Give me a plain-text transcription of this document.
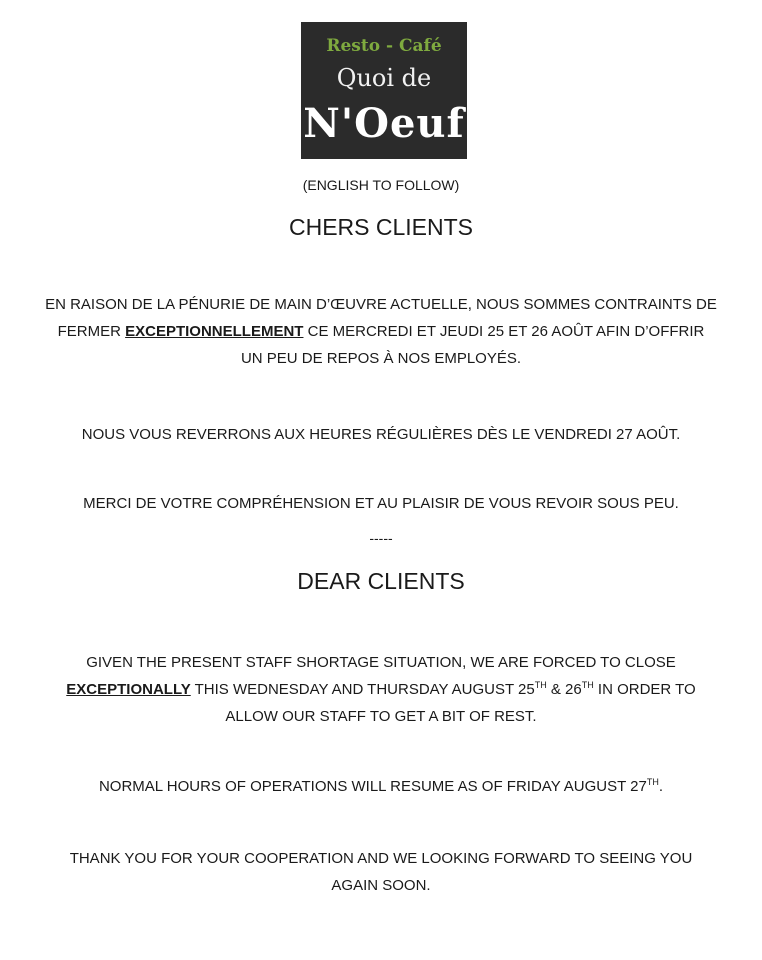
Resto - Café
Quoi de
N'Oeuf
(ENGLISH TO FOLLOW)
CHERS CLIENTS
EN RAISON DE LA PÉNURIE DE MAIN D’ŒUVRE ACTUELLE, NOUS SOMMES CONTRAINTS DE
FERMER EXCEPTIONNELLEMENT CE MERCREDI ET JEUDI 25 ET 26 AOÛT AFIN D’OFFRIR
UN PEU DE REPOS À NOS EMPLOYÉS.
NOUS VOUS REVERRONS AUX HEURES RÉGULIÈRES DÈS LE VENDREDI 27 AOÛT.
MERCI DE VOTRE COMPRÉHENSION ET AU PLAISIR DE VOUS REVOIR SOUS PEU.
-----
DEAR CLIENTS
GIVEN THE PRESENT STAFF SHORTAGE SITUATION, WE ARE FORCED TO CLOSE
EXCEPTIONALLY THIS WEDNESDAY AND THURSDAY AUGUST 25TH & 26TH IN ORDER TO
ALLOW OUR STAFF TO GET A BIT OF REST.
NORMAL HOURS OF OPERATIONS WILL RESUME AS OF FRIDAY AUGUST 27TH.
THANK YOU FOR YOUR COOPERATION AND WE LOOKING FORWARD TO SEEING YOU
AGAIN SOON.
